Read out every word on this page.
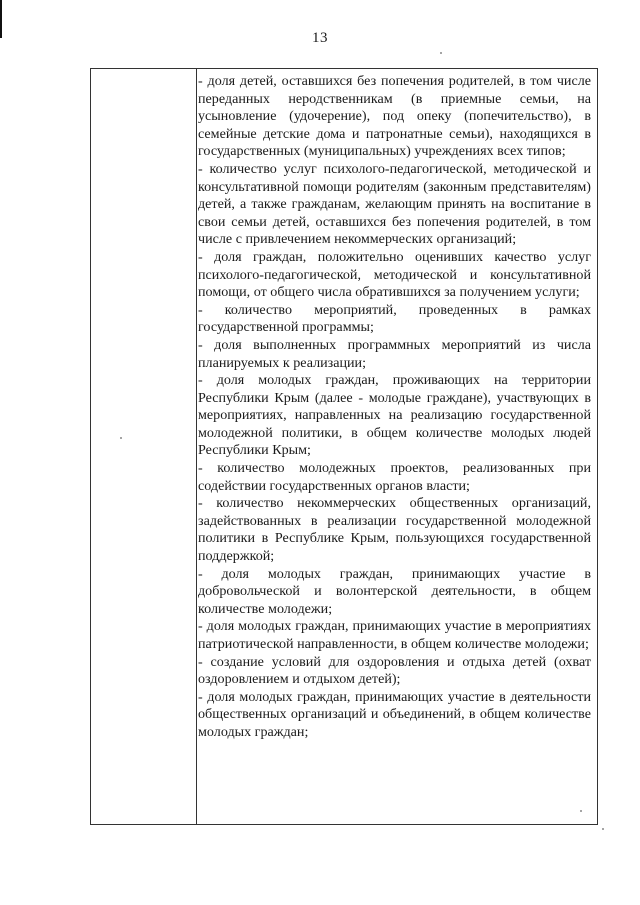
13

- доля детей, оставшихся без попечения родителей, в том числе переданных неродственникам (в приемные семьи, на усыновление (удочерение), под опеку (попечительство), в семейные детские дома и патронатные семьи), находящихся в государственных (муниципальных) учреждениях всех типов;

- количество услуг психолого-педагогической, методической и консультативной помощи родителям (законным представителям) детей, а также гражданам, желающим принять на воспитание в свои семьи детей, оставшихся без попечения родителей, в том числе с привлечением некоммерческих организаций;

- доля граждан, положительно оценивших качество услуг психолого-педагогической, методической и консультативной помощи, от общего числа обратившихся за получением услуги;

- количество мероприятий, проведенных в рамках государственной программы;

- доля выполненных программных мероприятий из числа планируемых к реализации;

- доля молодых граждан, проживающих на территории Республики Крым (далее - молодые граждане), участвующих в мероприятиях, направленных на реализацию государственной молодежной политики, в общем количестве молодых людей Республики Крым;

- количество молодежных проектов, реализованных при содействии государственных органов власти;

- количество некоммерческих общественных организаций, задействованных в реализации государственной молодежной политики в Республике Крым, пользующихся государственной поддержкой;

- доля молодых граждан, принимающих участие в добровольческой и волонтерской деятельности, в общем количестве молодежи;

- доля молодых граждан, принимающих участие в мероприятиях патриотической направленности, в общем количестве молодежи;

- создание условий для оздоровления и отдыха детей (охват оздоровлением и отдыхом детей);

- доля молодых граждан, принимающих участие в деятельности общественных организаций и объединений, в общем количестве молодых граждан;
